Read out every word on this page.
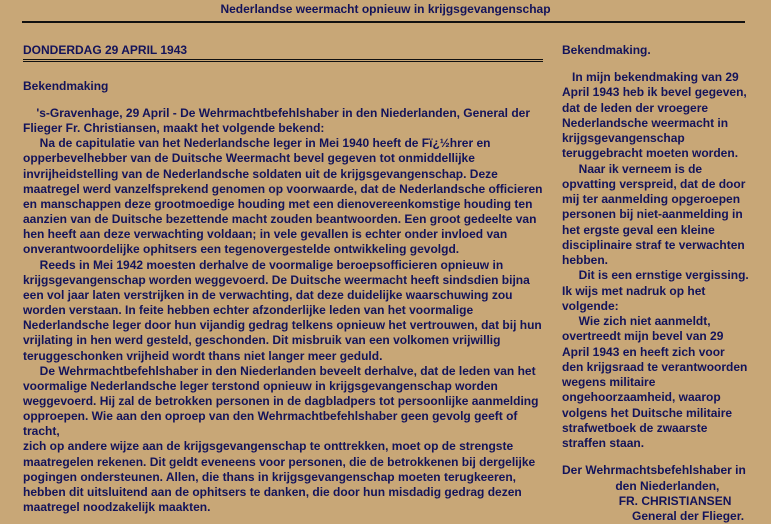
Nederlandse weermacht opnieuw in krijgsgevangenschap
DONDERDAG 29 APRIL 1943
Bekendmaking
's-Gravenhage, 29 April - De Wehrmachtbefehlshaber in den Niederlanden, General der
Flieger Fr. Christiansen, maakt het volgende bekend:
Na de capitulatie van het Nederlandsche leger in Mei 1940 heeft de Fï¿½hrer en
opperbevelhebber van de Duitsche Weermacht bevel gegeven tot onmiddellijke
invrijheidstelling van de Nederlandsche soldaten uit de krijgsgevangenschap. Deze
maatregel werd vanzelfsprekend genomen op voorwaarde, dat de Nederlandsche officieren
en manschappen deze grootmoedige houding met een dienovereenkomstige houding ten
aanzien van de Duitsche bezettende macht zouden beantwoorden. Een groot gedeelte van
hen heeft aan deze verwachting voldaan; in vele gevallen is echter onder invloed van
onverantwoordelijke ophitsers een tegenovergestelde ontwikkeling gevolgd.
Reeds in Mei 1942 moesten derhalve de voormalige beroepsofficieren opnieuw in
krijgsgevangenschap worden weggevoerd. De Duitsche weermacht heeft sindsdien bijna
een vol jaar laten verstrijken in de verwachting, dat deze duidelijke waarschuwing zou
worden verstaan. In feite hebben echter afzonderlijke leden van het voormalige
Nederlandsche leger door hun vijandig gedrag telkens opnieuw het vertrouwen, dat bij hun
vrijlating in hen werd gesteld, geschonden. Dit misbruik van een volkomen vrijwillig
teruggeschonken vrijheid wordt thans niet langer meer geduld.
De Wehrmachtbefehlshaber in den Niederlanden beveelt derhalve, dat de leden van het
voormalige Nederlandsche leger terstond opnieuw in krijgsgevangenschap worden
weggevoerd. Hij zal de betrokken personen in de dagbladpers tot persoonlijke aanmelding
opproepen. Wie aan den oproep van den Wehrmachtbefehlshaber geen gevolg geeft of tracht,
zich op andere wijze aan de krijgsgevangenschap te onttrekken, moet op de strengste
maatregelen rekenen. Dit geldt eveneens voor personen, die de betrokkenen bij dergelijke
pogingen ondersteunen. Allen, die thans in krijgsgevangenschap moeten terugkeeren,
hebben dit uitsluitend aan de ophitsers te danken, die door hun misdadig gedrag dezen
maatregel noodzakelijk maakten.
Bekendmaking.
In mijn bekendmaking van 29
April 1943 heb ik bevel gegeven,
dat de leden der vroegere
Nederlandsche weermacht in
krijgsgevangenschap
teruggebracht moeten worden.
Naar ik verneem is de
opvatting verspreid, dat de door
mij ter aanmelding opgeroepen
personen bij niet-aanmelding in
het ergste geval een kleine
disciplinaire straf te verwachten
hebben.
Dit is een ernstige vergissing.
Ik wijs met nadruk op het
volgende:
Wie zich niet aanmeldt,
overtreedt mijn bevel van 29
April 1943 en heeft zich voor
den krijgsraad te verantwoorden
wegens militaire
ongehoorzaamheid, waarop
volgens het Duitsche militaire
strafwetboek de zwaarste
straffen staan.
Der Wehrmachtsbefehlshaber in
den Niederlanden,
FR. CHRISTIANSEN
General der Flieger.
